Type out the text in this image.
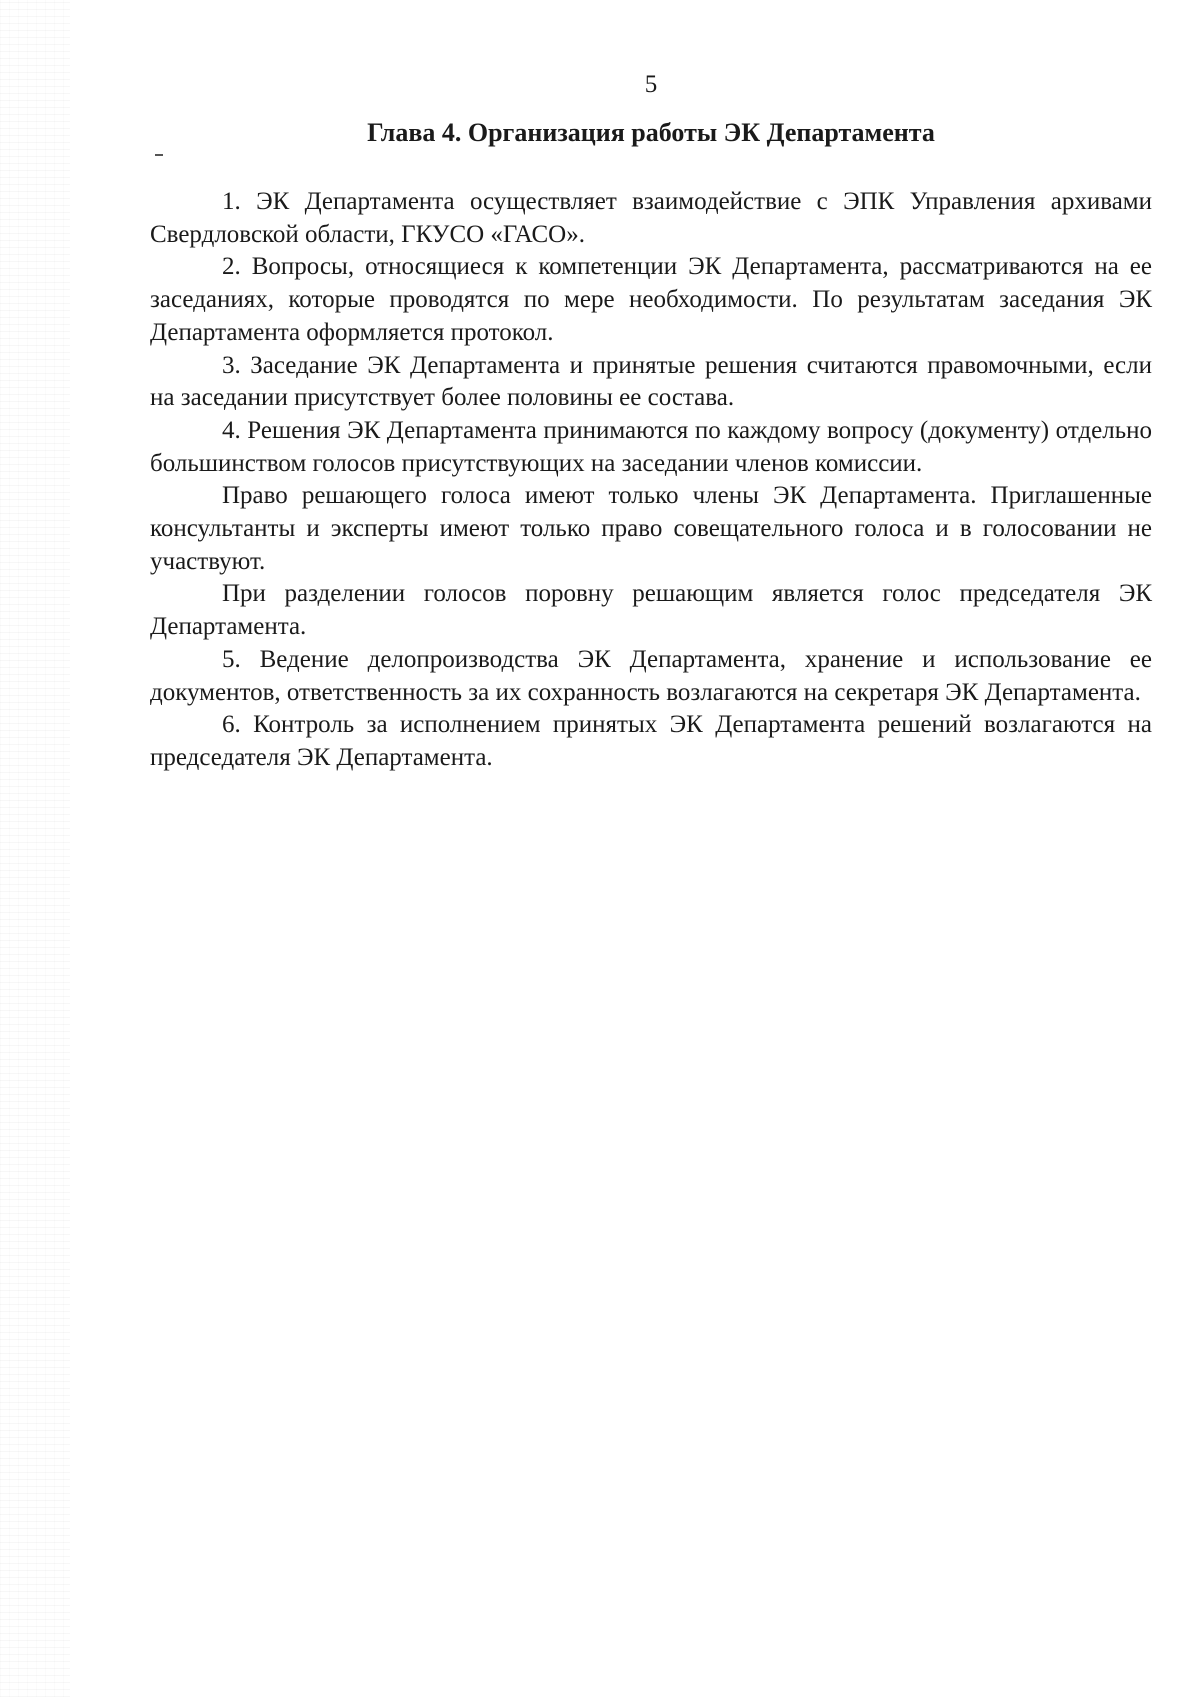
5

Глава 4. Организация работы ЭК Департамента

1. ЭК Департамента осуществляет взаимодействие с ЭПК Управления архивами Свердловской области, ГКУСО «ГАСО».

2. Вопросы, относящиеся к компетенции ЭК Департамента, рассматриваются на ее заседаниях, которые проводятся по мере необходимости. По результатам заседания ЭК Департамента оформляется протокол.

3. Заседание ЭК Департамента и принятые решения считаются правомочными, если на заседании присутствует более половины ее состава.

4. Решения ЭК Департамента принимаются по каждому вопросу (документу) отдельно большинством голосов присутствующих на заседании членов комиссии.

Право решающего голоса имеют только члены ЭК Департамента. Приглашенные консультанты и эксперты имеют только право совещательного голоса и в голосовании не участвуют.

При разделении голосов поровну решающим является голос председателя ЭК Департамента.

5. Ведение делопроизводства ЭК Департамента, хранение и использование ее документов, ответственность за их сохранность возлагаются на секретаря ЭК Департамента.

6. Контроль за исполнением принятых ЭК Департамента решений возлагаются на председателя ЭК Департамента.
